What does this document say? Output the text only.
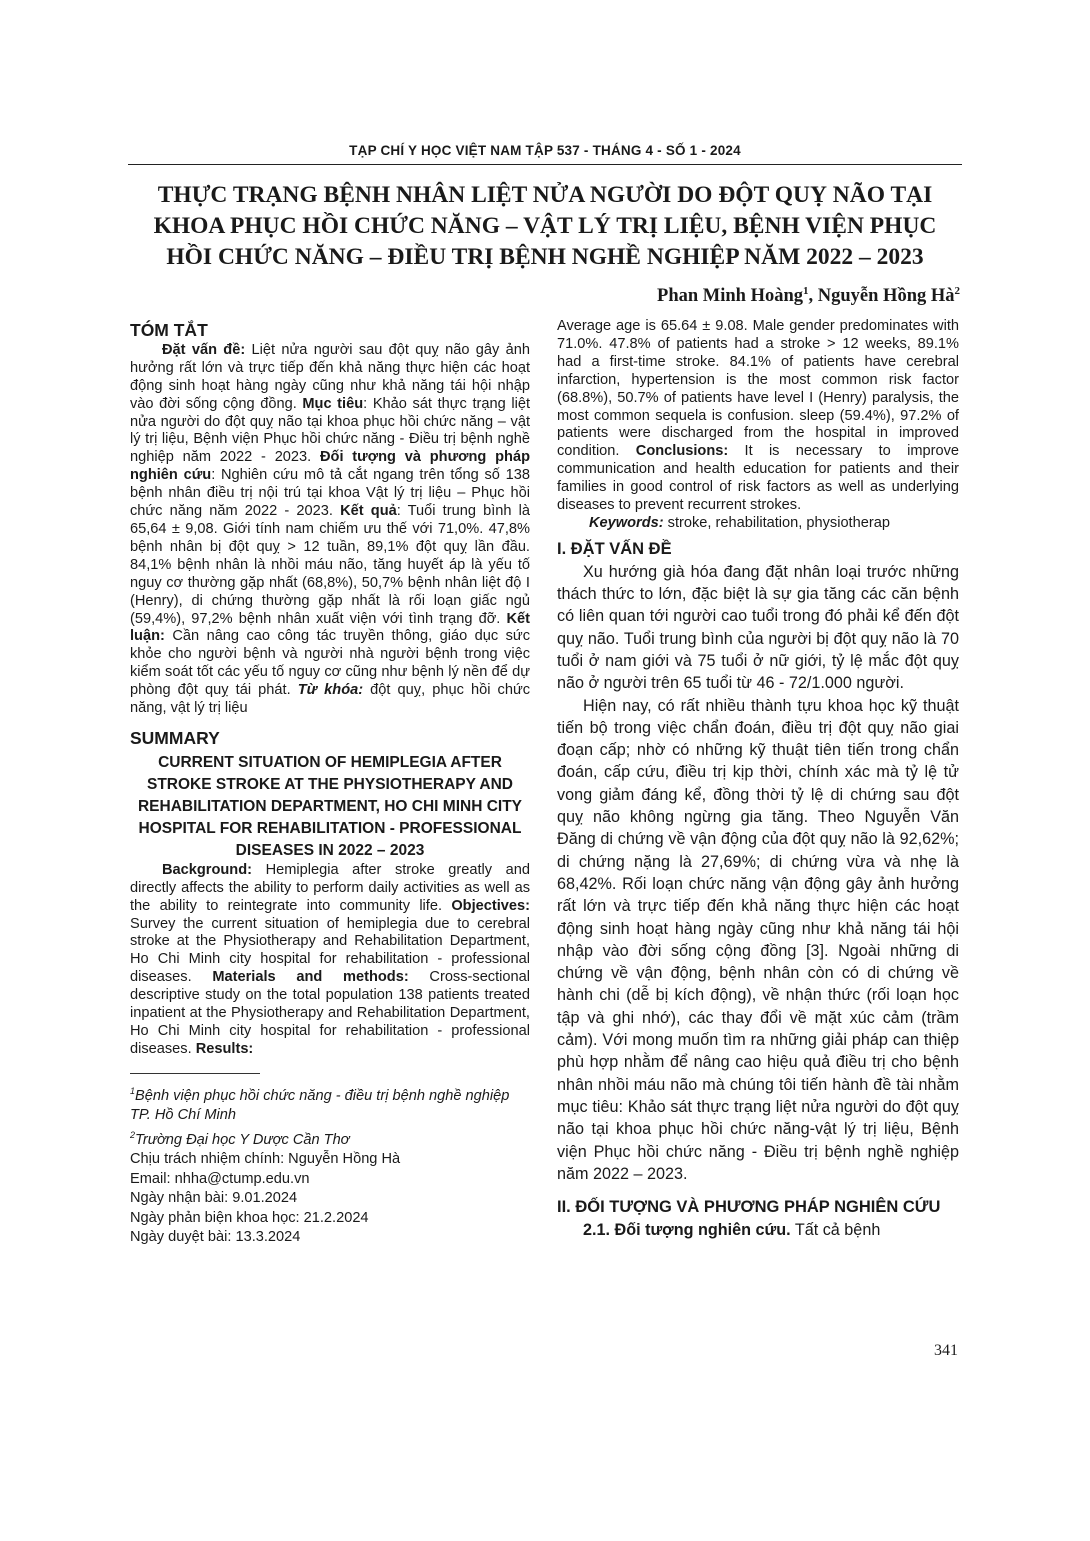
TẠP CHÍ Y HỌC VIỆT NAM TẬP 537 - THÁNG 4 - SỐ 1 - 2024
THỰC TRẠNG BỆNH NHÂN LIỆT NỬA NGƯỜI DO ĐỘT QUỴ NÃO TẠI KHOA PHỤC HỒI CHỨC NĂNG – VẬT LÝ TRỊ LIỆU, BỆNH VIỆN PHỤC HỒI CHỨC NĂNG – ĐIỀU TRỊ BỆNH NGHỀ NGHIỆP NĂM 2022 – 2023
Phan Minh Hoàng$^1$, Nguyễn Hồng $Hà^2$
TÓM TẮT

Đặt vấn đề: Liệt nửa người sau đột quỵ não gây ảnh hưởng rất lớn và trực tiếp đến khả năng thực hiện các hoạt động sinh hoạt hàng ngày cũng như khả năng tái hội nhập vào đời sống cộng đồng. Mục tiêu: Khảo sát thực trạng liệt nửa người do đột quỵ não tại khoa phục hồi chức năng – vật lý trị liệu, Bệnh viện Phục hồi chức năng - Điều trị bệnh nghề nghiệp năm 2022 - 2023. Đối tượng và phương pháp nghiên cứu: Nghiên cứu mô tả cắt ngang trên tổng số 138 bệnh nhân điều trị nội trú tại khoa Vật lý trị liệu – Phục hồi chức năng năm 2022 - 2023. Kết quả: Tuổi trung bình là 65,64 ± 9,08. Giới tính nam chiếm ưu thế với 71,0%. 47,8% bệnh nhân bị đột quỵ > 12 tuần, 89,1% đột quỵ lần đầu. 84,1% bệnh nhân là nhồi máu não, tăng huyết áp là yếu tố nguy cơ thường gặp nhất (68,8%), 50,7% bệnh nhân liệt độ I (Henry), di chứng thường gặp nhất là rối loạn giấc ngủ (59,4%), 97,2% bệnh nhân xuất viện với tình trạng đỡ. Kết luận: Cần nâng cao công tác truyền thông, giáo dục sức khỏe cho người bệnh và người nhà người bệnh trong việc kiểm soát tốt các yếu tố nguy cơ cũng như bệnh lý nền để dự phòng đột quỵ tái phát. Từ khóa: đột quỵ, phục hồi chức năng, vật lý trị liệu

SUMMARY
CURRENT SITUATION OF HEMIPLEGIA AFTER STROKE STROKE AT THE PHYSIOTHERAPY AND REHABILITATION DEPARTMENT, HO CHI MINH CITY HOSPITAL FOR REHABILITATION - PROFESSIONAL DISEASES IN 2022 – 2023

Background: Hemiplegia after stroke greatly and directly affects the ability to perform daily activities as well as the ability to reintegrate into community life. Objectives: Survey the current situation of hemiplegia due to cerebral stroke at the Physiotherapy and Rehabilitation Department, Ho Chi Minh city hospital for rehabilitation - professional diseases. Materials and methods: Cross-sectional descriptive study on the total population 138 patients treated inpatient at the Physiotherapy and Rehabilitation Department, Ho Chi Minh city hospital for rehabilitation - professional diseases. Results:

$^1$Bệnh viện phục hồi chức năng - điều trị bệnh nghề nghiệp TP. Hồ Chí Minh
$^2$Trường Đại học Y Dược Cần Thơ
Chịu trách nhiệm chính: Nguyễn Hồng Hà
Email: nhha@ctump.edu.vn
Ngày nhận bài: 9.01.2024
Ngày phản biện khoa học: 21.2.2024
Ngày duyệt bài: 13.3.2024

Average age is 65.64 ± 9.08. Male gender predominates with 71.0%. 47.8% of patients had a stroke > 12 weeks, 89.1% had a first-time stroke. 84.1% of patients have cerebral infarction, hypertension is the most common risk factor (68.8%), 50.7% of patients have level I (Henry) paralysis, the most common sequela is confusion. sleep (59.4%), 97.2% of patients were discharged from the hospital in improved condition. Conclusions: It is necessary to improve communication and health education for patients and their families in good control of risk factors as well as underlying diseases to prevent recurrent strokes.

Keywords: stroke, rehabilitation, physiotherap

I. ĐẶT VẤN ĐỀ

Xu hướng già hóa đang đặt nhân loại trước những thách thức to lớn, đặc biệt là sự gia tăng các căn bệnh có liên quan tới người cao tuổi trong đó phải kể đến đột quỵ não. Tuổi trung bình của người bị đột quỵ não là 70 tuổi ở nam giới và 75 tuổi ở nữ giới, tỷ lệ mắc đột quỵ não ở người trên 65 tuổi từ 46 - 72/1.000 người.

Hiện nay, có rất nhiều thành tựu khoa học kỹ thuật tiến bộ trong việc chẩn đoán, điều trị đột quỵ não giai đoạn cấp; nhờ có những kỹ thuật tiên tiến trong chẩn đoán, cấp cứu, điều trị kịp thời, chính xác mà tỷ lệ tử vong giảm đáng kể, đồng thời tỷ lệ di chứng sau đột quỵ não không ngừng gia tăng. Theo Nguyễn Văn Đăng di chứng về vận động của đột quỵ não là 92,62%; di chứng nặng là 27,69%; di chứng vừa và nhẹ là 68,42%. Rối loạn chức năng vận động gây ảnh hưởng rất lớn và trực tiếp đến khả năng thực hiện các hoạt động sinh hoạt hàng ngày cũng như khả năng tái hội nhập vào đời sống cộng đồng [3]. Ngoài những di chứng về vận động, bệnh nhân còn có di chứng về hành chi (dễ bị kích động), về nhận thức (rối loạn học tập và ghi nhớ), các thay đổi về mặt xúc cảm (trầm cảm). Với mong muốn tìm ra những giải pháp can thiệp phù hợp nhằm để nâng cao hiệu quả điều trị cho bệnh nhân nhồi máu não mà chúng tôi tiến hành đề tài nhằm mục tiêu: Khảo sát thực trạng liệt nửa người do đột quỵ não tại khoa phục hồi chức năng-vật lý trị liệu, Bệnh viện Phục hồi chức năng - Điều trị bệnh nghề nghiệp năm 2022 – 2023.

II. ĐỐI TƯỢNG VÀ PHƯƠNG PHÁP NGHIÊN CỨU

2.1. Đối tượng nghiên cứu. Tất cả bệnh

341
